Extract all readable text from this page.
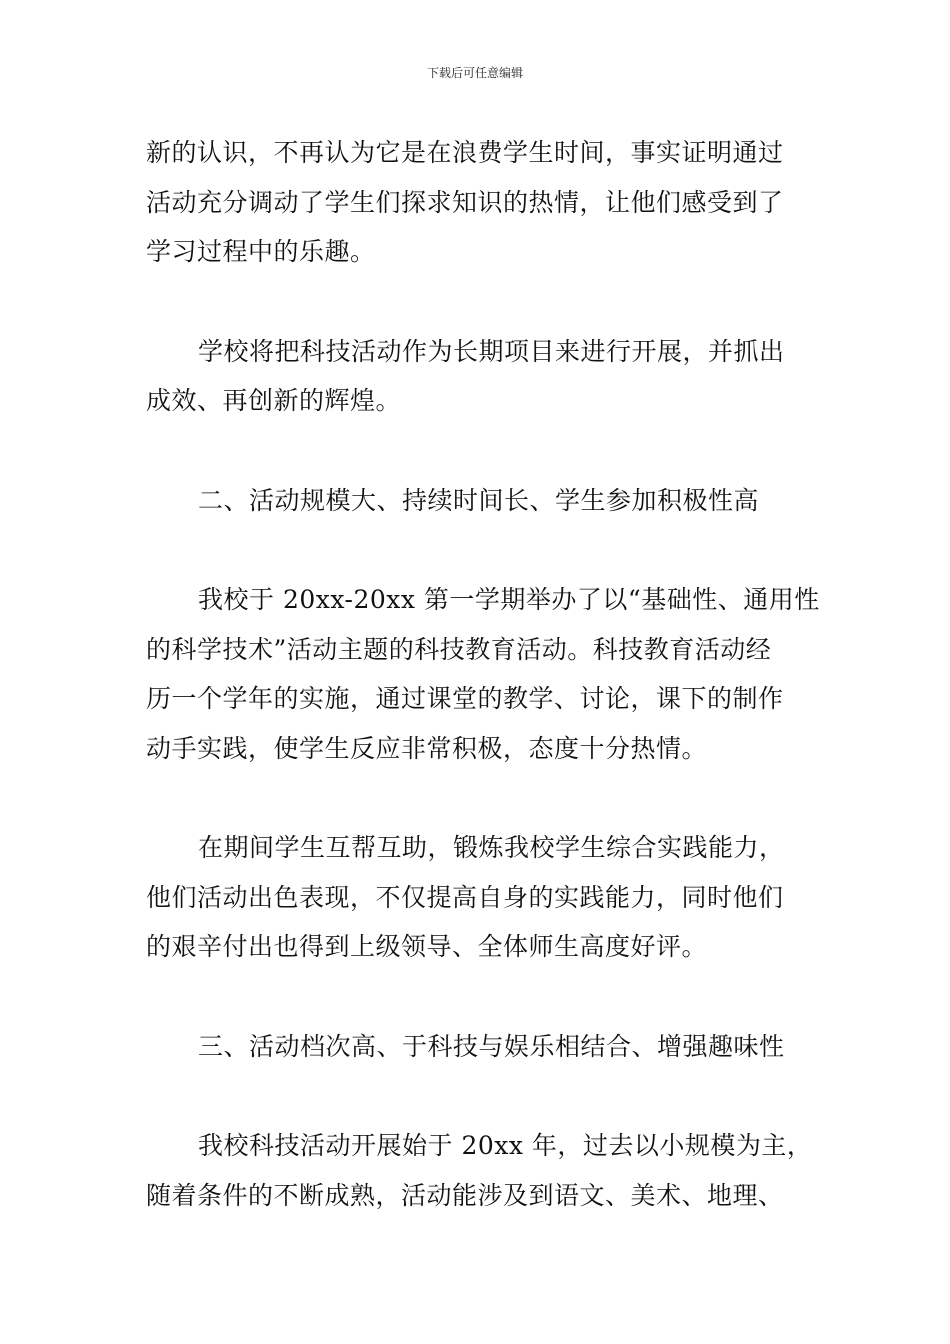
下载后可任意编辑
新的认识，不再认为它是在浪费学生时间，事实证明通过
活动充分调动了学生们探求知识的热情，让他们感受到了
学习过程中的乐趣。
学校将把科技活动作为长期项目来进行开展，并抓出
成效、再创新的辉煌。
二、活动规模大、持续时间长、学生参加积极性高
我校于 20xx-20xx 第一学期举办了以“基础性、通用性
的科学技术”活动主题的科技教育活动。科技教育活动经
历一个学年的实施，通过课堂的教学、讨论，课下的制作
动手实践，使学生反应非常积极，态度十分热情。
在期间学生互帮互助，锻炼我校学生综合实践能力，
他们活动出色表现，不仅提高自身的实践能力，同时他们
的艰辛付出也得到上级领导、全体师生高度好评。
三、活动档次高、于科技与娱乐相结合、增强趣味性
我校科技活动开展始于 20xx 年，过去以小规模为主，
随着条件的不断成熟，活动能涉及到语文、美术、地理、
